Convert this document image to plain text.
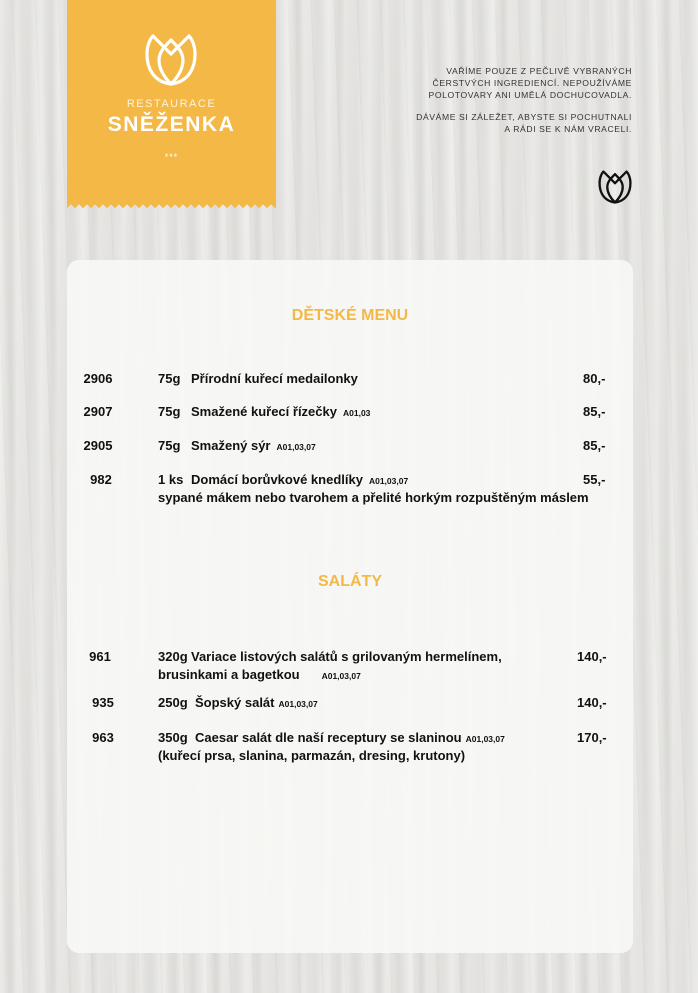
RESTAURACE
SNĚŽENKA
***
VAŘÍME POUZE Z PEČLIVĚ VYBRANÝCH
ČERSTVÝCH INGREDIENCÍ. NEPOUŽÍVÁME
POLOTOVARY ANI UMĚLÁ DOCHUCOVADLA.
DÁVÁME SI ZÁLEŽET, ABYSTE SI POCHUTNALI
A RÁDI SE K NÁM VRACELI.
DĚTSKÉ MENU
2906	75g Přírodní kuřecí medailonky	80,-
2907	75g Smažené kuřecí řízečky A01,03	85,-
2905	75g Smažený sýr A01,03,07	85,-
982	1 ks Domácí borůvkové knedlíky A01,03,07	55,-
sypané mákem nebo tvarohem a přelité horkým rozpuštěným máslem
SALÁTY
961	320g Variace listových salátů s grilovaným hermelínem,	140,-
brusinkami a bagetkou	A01,03,07
935	250g Šopský salát A01,03,07	140,-
963	350g Caesar salát dle naší receptury se slaninou A01,03,07	170,-
(kuřecí prsa, slanina, parmazán, dresing, krutony)
